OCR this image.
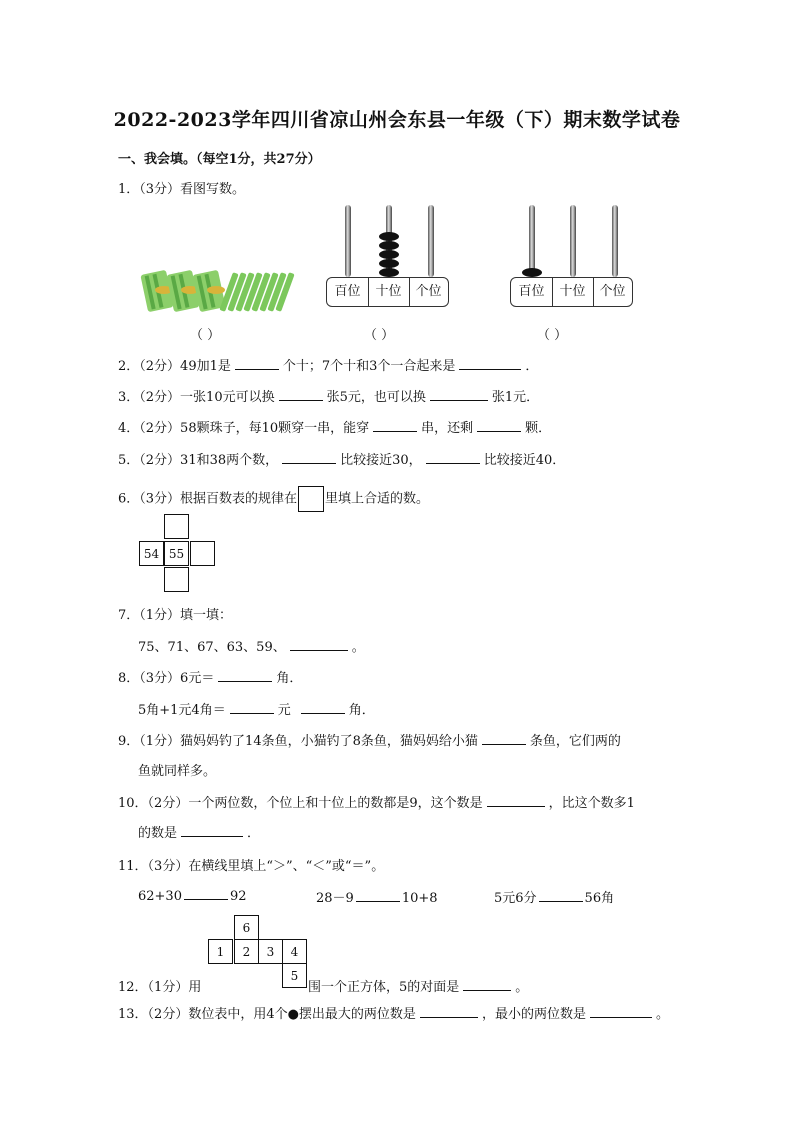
2022-2023学年四川省凉山州会东县一年级（下）期末数学试卷
一、我会填。（每空1分，共27分）
1．（3分）看图写数。
百位	十位	个位	百位	十位	个位
（ ）	（ ）	（ ）
2．（2分）49加1是	个十；7个十和3个一合起来是	．
3．（2分）一张10元可以换	张5元，也可以换	张1元．
4．（2分）58颗珠子，每10颗穿一串，能穿	串，还剩	颗．
5．（2分）31和38两个数，	比较接近30，	比较接近40．
6．（3分）根据百数表的规律在 里填上合适的数。
54 55
7．（1分）填一填：
75、71、67、63、59、	。
8．（3分）6元＝	角．
5角+1元4角＝	元	角．
9．（1分）猫妈妈钓了14条鱼，小猫钓了8条鱼，猫妈妈给小猫	条鱼，它们两的
鱼就同样多。
10．（2分）一个两位数，个位上和十位上的数都是9，这个数是	，比这个数多1
的数是	．
11．（3分）在横线里填上“＞”、“＜”或“＝”。
62+30	92	28－9	10+8	5元6分	56角
6
1	2	3	4
5
12．（1分）用	围一个正方体，5的对面是	。
13．（2分）数位表中，用4个●摆出最大的两位数是	，最小的两位数是	。
